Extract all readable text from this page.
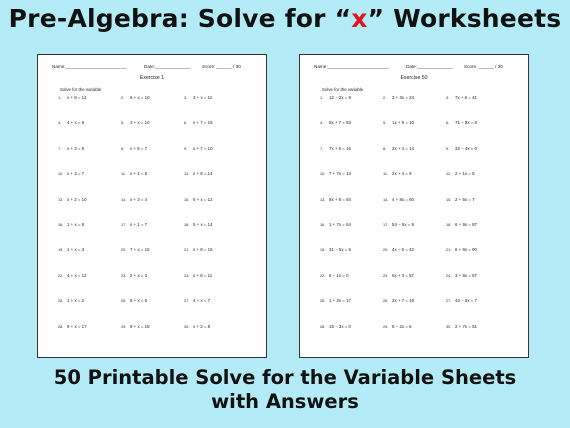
Pre-Algebra: Solve for “x” Worksheets
Name:________________________	Date:______________ Score: ______ / 30
Exercise 1
Solve for the variable
1. x + 9 = 14	2. 6 + x = 10	3. 3 + x = 11
4. 4 + x = 6	5. 3 + x = 10	6. x + 7 = 16
7. x + 3 = 9	8. x + 5 = 7	9. x + 7 = 10
10. x + 3 = 7	11. x + 1 = 5	12. x + 8 = 14
13. x + 2 = 10	14. x + 3 = 4	15. 6 + x = 12
16. 1 + x = 8	17. x + 1 = 7	18. 5 + x = 14
19. 1 + x = 3	20. 7 + x = 15	21. x + 8 = 15
22. 4 + x = 12	23. 2 + x = 3	24. x + 8 = 11
25. 1 + x = 2	26. 5 + x = 6	27. 4 + x = 7
28. 9 + x = 17	29. 9 + x = 18	30. x + 2 = 8
Name:________________________	Date:______________ Score: ______ / 30
Exercise 50
Solve for the variable
1. 12 − 2x = 8	2. 3 + 3x = 24	3. 7x + 6 = 41
4. 8x + 7 = 63	5. 1x + 9 = 10	6. 71 − 8x = 8
7. 7x + 6 = 15	8. 2x + 4 = 14	9. 32 − 4x = 0
10. 7 + 7x = 14	11. 2x + 4 = 8	12. 2 + 1x = 5
13. 8x + 8 = 64	14. 4 + 8x = 60	15. 2 + 5x = 7
16. 1 + 7x = 64	17. 54 − 5x = 9	18. 6 + 9x = 87
19. 31 − 5x = 6	20. 4x − 6 = 42	21. 6 + 9x = 90
22. 6 − 1x = 0	23. 6x + 3 = 57	24. 3 + 8x = 67
25. 1 + 2x = 17	26. 2x + 7 = 19	27. 43 − 6x = 7
28. 15 − 3x = 0	29. 8 − 2x = 6	30. 2 + 7x = 51
50 Printable Solve for the Variable Sheets
with Answers
